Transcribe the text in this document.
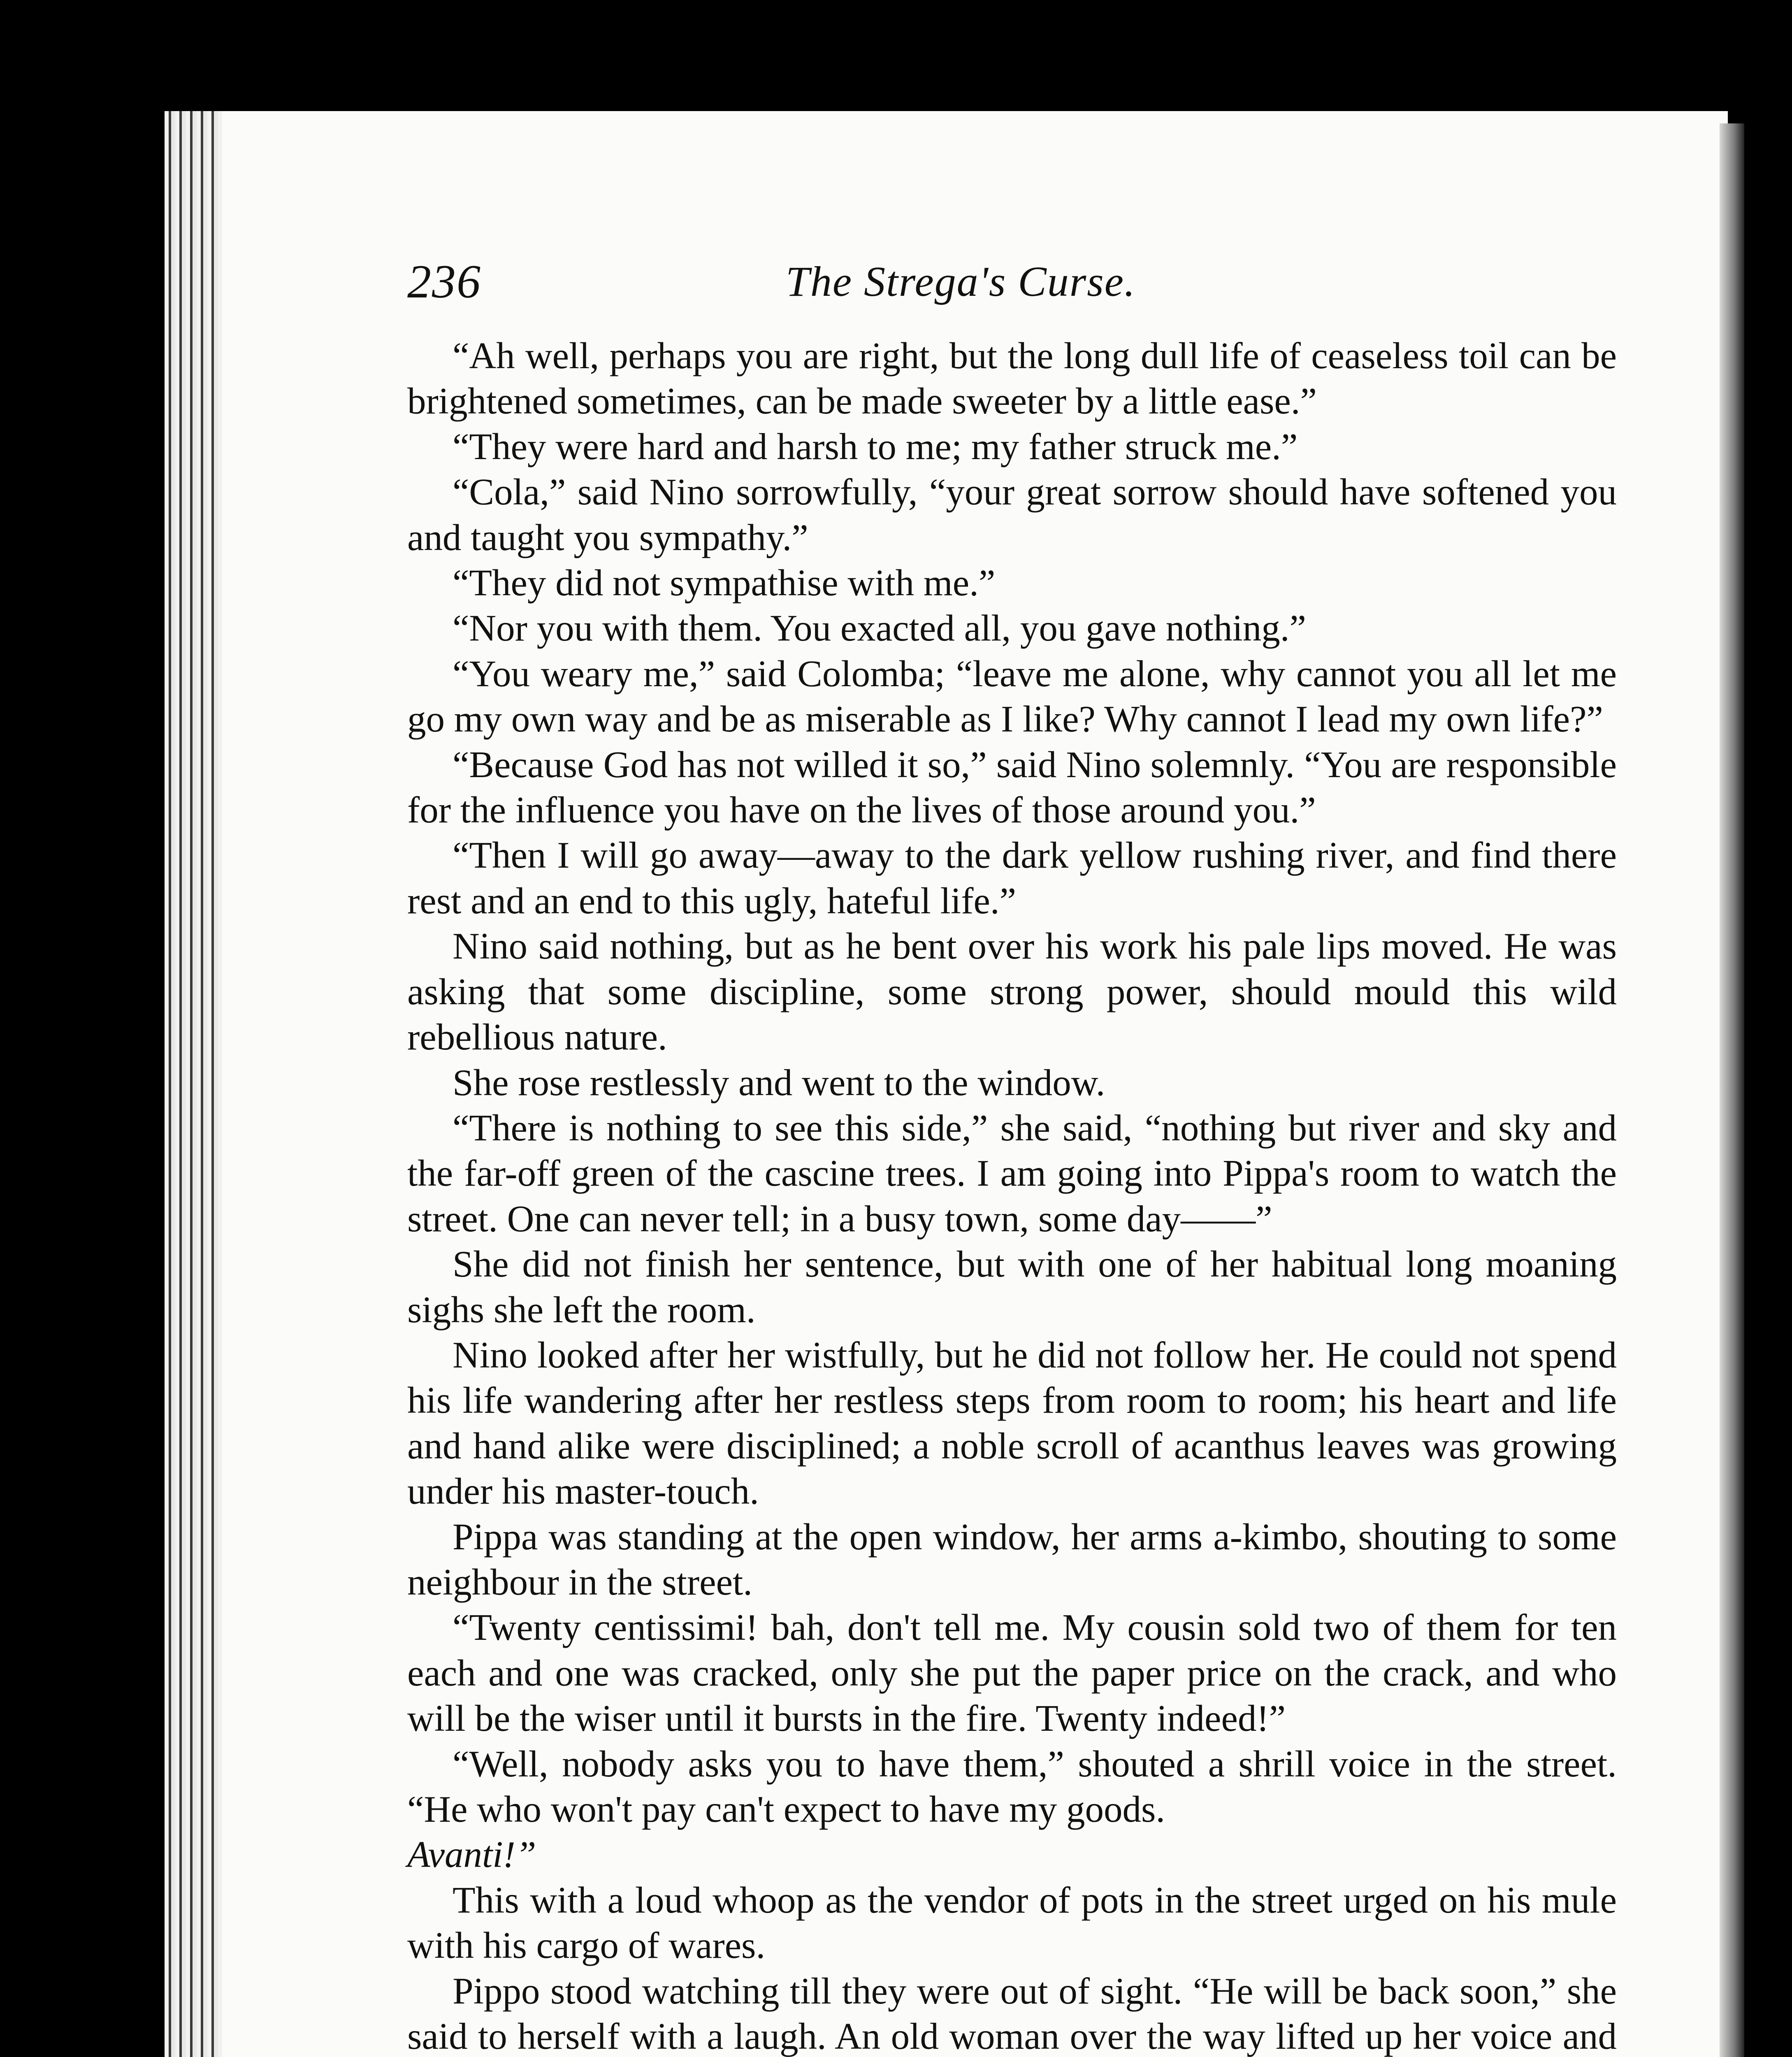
236	The Strega's Curse.

“Ah well, perhaps you are right, but the long dull life of ceaseless toil can be brightened sometimes, can be made sweeter by a little ease.”

“They were hard and harsh to me; my father struck me.”

“Cola,” said Nino sorrowfully, “your great sorrow should have softened you and taught you sympathy.”

“They did not sympathise with me.”

“Nor you with them. You exacted all, you gave nothing.”

“You weary me,” said Colomba; “leave me alone, why cannot you all let me go my own way and be as miserable as I like? Why cannot I lead my own life?”

“Because God has not willed it so,” said Nino solemnly. “You are responsible for the influence you have on the lives of those around you.”

“Then I will go away—away to the dark yellow rushing river, and find there rest and an end to this ugly, hateful life.”

Nino said nothing, but as he bent over his work his pale lips moved. He was asking that some discipline, some strong power, should mould this wild rebellious nature.

She rose restlessly and went to the window.

“There is nothing to see this side,” she said, “nothing but river and sky and the far-off green of the cascine trees. I am going into Pippa's room to watch the street. One can never tell; in a busy town, some day——”

She did not finish her sentence, but with one of her habitual long moaning sighs she left the room.

Nino looked after her wistfully, but he did not follow her. He could not spend his life wandering after her restless steps from room to room; his heart and life and hand alike were disciplined; a noble scroll of acanthus leaves was growing under his master-touch.

Pippa was standing at the open window, her arms a-kimbo, shouting to some neighbour in the street.

“Twenty centissimi! bah, don't tell me. My cousin sold two of them for ten each and one was cracked, only she put the paper price on the crack, and who will be the wiser until it bursts in the fire. Twenty indeed!”

“Well, nobody asks you to have them,” shouted a shrill voice in the street. “He who won't pay can't expect to have my goods.

Avanti!”

This with a loud whoop as the vendor of pots in the street urged on his mule with his cargo of wares.

Pippo stood watching till they were out of sight. “He will be back soon,” she said to herself with a laugh. An old woman over the way lifted up her voice and
